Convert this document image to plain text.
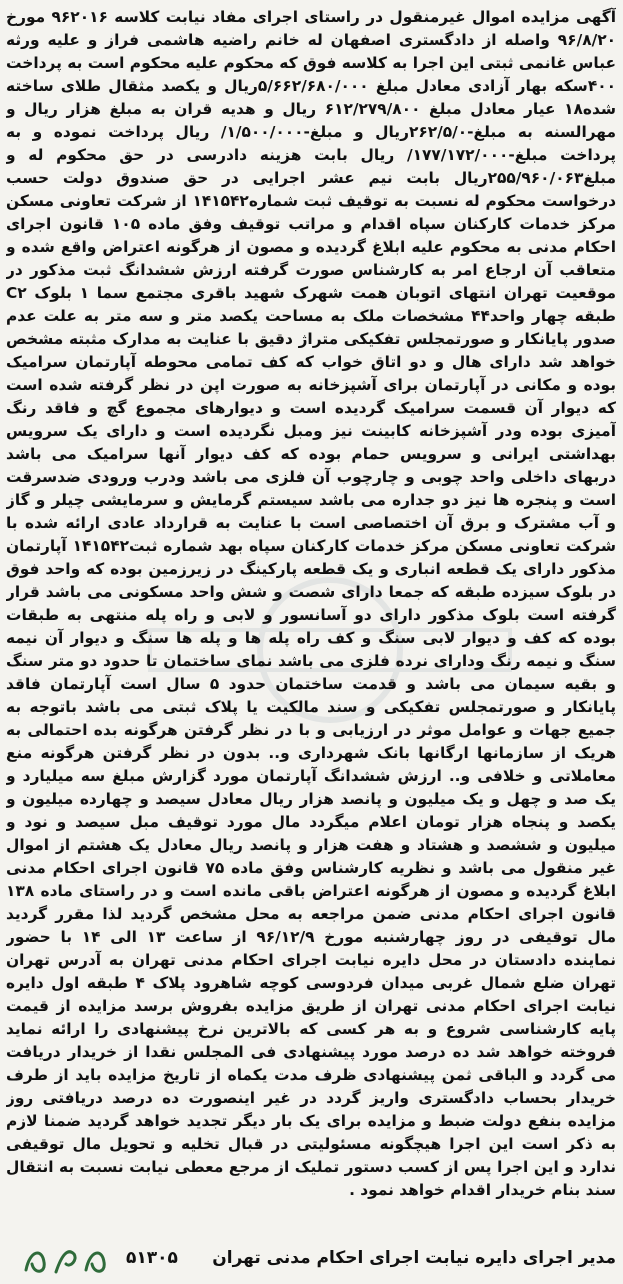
آگهی مزایده اموال غیرمنقول در راستای اجرای مفاد نیابت کلاسه ۹۶۲۰۱۶ مورخ ۹۶/۸/۲۰ واصله از دادگستری اصفهان له خانم راضیه هاشمی فراز و علیه ورثه عباس غانمی ثبتی این اجرا به کلاسه فوق که محکوم علیه محکوم است به پرداخت ۴۰۰سکه بهار آزادی معادل مبلغ ۵/۶۶۲/۶۸۰/۰۰۰ریال و یکصد مثقال طلای ساخته شده۱۸ عیار معادل مبلغ ۶۱۲/۲۷۹/۸۰۰ ریال و هدیه قران به مبلغ هزار ریال و مهرالسنه به مبلغ-۲۶۲/۵/۰ریال و مبلغ-۱/۵۰۰/۰۰۰/ ریال پرداخت نموده و به پرداخت مبلغ-۱۷۷/۱۷۲/۰۰۰/ ریال بابت هزینه دادرسی در حق محکوم له و مبلغ۲۵۵/۹۶۰/۰۶۳ریال بابت نیم عشر اجرایی در حق صندوق دولت حسب درخواست محکوم له نسبت به توقیف ثبت شماره۱۴۱۵۴۲ از شرکت تعاونی مسکن مرکز خدمات کارکنان سپاه اقدام و مراتب توقیف وفق ماده ۱۰۵ قانون اجرای احکام مدنی به محکوم علیه ابلاغ گردیده و مصون از هرگونه اعتراض واقع شده و متعاقب آن ارجاع امر به کارشناس صورت گرفته ارزش ششدانگ ثبت مذکور در موقعیت تهران انتهای اتوبان همت شهرک شهید باقری مجتمع سما ۱ بلوک C۲ طبقه چهار واحد۴۴ مشخصات ملک به مساحت یکصد متر و سه متر به علت عدم صدور پایانکار و صورتمجلس تفکیکی متراژ دقیق با عنایت به مدارک مثبته مشخص خواهد شد دارای هال و دو اتاق خواب که کف تمامی محوطه آپارتمان سرامیک بوده و مکانی در آپارتمان برای آشپزخانه به صورت اپن در نظر گرفته شده است که دیوار آن قسمت سرامیک گردیده است و دیوارهای مجموع گچ و فاقد رنگ آمیزی بوده ودر آشپزخانه کابینت نیز ومبل نگردیده است و دارای یک سرویس بهداشتی ایرانی و سرویس حمام بوده که کف دیوار آنها سرامیک می باشد دربهای داخلی واحد چوبی و چارچوب آن فلزی می باشد ودرب ورودی ضدسرقت است و پنجره ها نیز دو جداره می باشد سیستم گرمایش و سرمایشی چیلر و گاز و آب مشترک و برق آن اختصاصی است با عنایت به قرارداد عادی ارائه شده با شرکت تعاونی مسکن مرکز خدمات کارکنان سپاه بهد شماره ثبت۱۴۱۵۴۲ آپارتمان مذکور دارای یک قطعه انباری و یک قطعه پارکینگ در زیرزمین بوده که واحد فوق در بلوک سیزده طبقه که جمعا دارای شصت و شش واحد مسکونی می باشد قرار گرفته است بلوک مذکور دارای دو آسانسور و لابی و راه پله منتهی به طبقات بوده که کف و دیوار لابی سنگ و کف راه پله ها و پله ها سنگ و دیوار آن نیمه سنگ و نیمه رنگ ودارای نرده فلزی می باشد نمای ساختمان تا حدود دو متر سنگ و بقیه سیمان می باشد و قدمت ساختمان حدود ۵ سال است آپارتمان فاقد پایانکار و صورتمجلس تفکیکی و سند مالکیت یا پلاک ثبتی می باشد باتوجه به جمیع جهات و عوامل موثر در ارزیابی و با در نظر گرفتن هرگونه بده احتمالی به هریک از سازمانها ارگانها بانک شهرداری و.. بدون در نظر گرفتن هرگونه منع معاملاتی و خلافی و.. ارزش ششدانگ آپارتمان مورد گزارش مبلغ سه میلیارد و یک صد و چهل و یک میلیون و پانصد هزار ریال معادل سیصد و چهارده میلیون و یکصد و پنجاه هزار تومان اعلام میگردد مال مورد توقیف مبل سیصد و نود و میلیون و ششصد و هشتاد و هفت هزار و پانصد ریال معادل یک هشتم از اموال غیر منقول می باشد و نظریه کارشناس وفق ماده ۷۵ قانون اجرای احکام مدنی ابلاغ گردیده و مصون از هرگونه اعتراض باقی مانده است و در راستای ماده ۱۳۸ قانون اجرای احکام مدنی ضمن مراجعه به محل مشخص گردید لذا مقرر گردید مال توقیفی در روز چهارشنبه مورخ ۹۶/۱۲/۹ از ساعت ۱۳ الی ۱۴ با حضور نماینده دادستان در محل دایره نیابت اجرای احکام مدنی تهران به آدرس تهران تهران ضلع شمال غربی میدان فردوسی کوچه شاهرود پلاک ۴ طبقه اول دایره نیابت اجرای احکام مدنی تهران از طریق مزایده بفروش برسد مزایده از قیمت پایه کارشناسی شروع و به هر کسی که بالاترین نرخ پیشنهادی را ارائه نماید فروخته خواهد شد ده درصد مورد پیشنهادی فی المجلس نقدا از خریدار دریافت می گردد و الباقی ثمن پیشنهادی ظرف مدت یکماه از تاریخ مزایده باید از طرف خریدار بحساب دادگستری واریز گردد در غیر اینصورت ده درصد دریافتی روز مزایده بنفع دولت ضبط و مزایده برای یک بار دیگر تجدید خواهد گردید ضمنا لازم به ذکر است این اجرا هیچگونه مسئولیتی در قبال تخلیه و تحویل مال توقیفی ندارد و این اجرا پس از کسب دستور تملیک از مرجع معطی نیابت نسبت به انتقال سند بنام خریدار اقدام خواهد نمود .

مدیر اجرای دایره نیابت اجرای احکام مدنی تهران
۵۱۳۰۵
